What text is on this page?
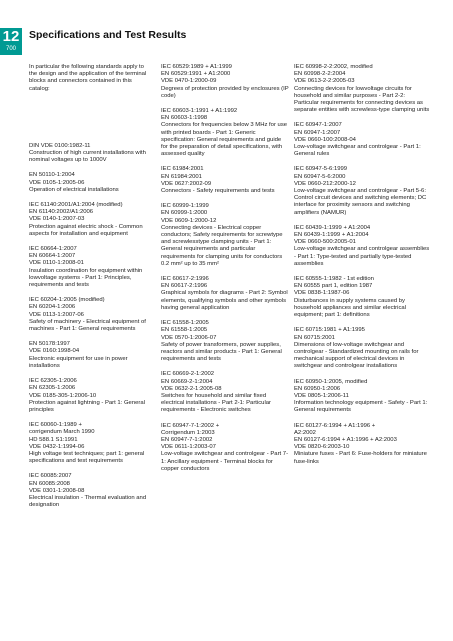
12
700
Specifications and Test Results
In particular the following standards apply to the design and the application of the terminal blocks and connectors contained in this catalog:
DIN VDE 0100:1982-11
Construction of high current installations with nominal voltages up to 1000V
EN 50110-1:2004
VDE 0105-1:2005-06
Operation of electrical installations
IEC 61140:2001/A1:2004 (modified)
EN 61140:2002/A1:2006
VDE 0140-1:2007-03
Protection against electric shock - Common aspects for installation and equipment
IEC 60664-1:2007
EN 60664-1:2007
VDE 0110-1:2008-01
Insulation coordination for equipment within lowvoltage systems - Part 1: Principles, requirements and tests
IEC 60204-1:2005 (modified)
EN 60204-1:2006
VDE 0113-1:2007-06
Safety of machinery - Electrical equipment of machines - Part 1: General requirements
EN 50178:1997
VDE 0160:1998-04
Electronic equipment for use in power installations
IEC 62305-1:2006
EN 62305-1:2006
VDE 0185-305-1:2006-10
Protection against lightning - Part 1: General principles
IEC 60060-1:1989 +
corrigendum March 1990
HD 588.1 S1:1991
VDE 0432-1:1994-06
High voltage test techniques; part 1: general specifications and test requirements
IEC 60085:2007
EN 60085:2008
VDE 0301-1:2008-08
Electrical insulation - Thermal evaluation and designation
IEC 60529:1989 + A1:1999
EN 60529:1991 + A1:2000
VDE 0470-1:2000-09
Degrees of protection provided by enclosures (IP code)
IEC 60603-1:1991 + A1:1992
EN 60603-1:1998
Connectors for frequencies below 3 MHz for use with printed boards - Part 1: Generic specification: General requirements and guide for the preparation of detail specifications, with assessed quality
IEC 61984:2001
EN 61984:2001
VDE 0627:2002-09
Connectors - Safety requirements and tests
IEC 60999-1:1999
EN 60999-1:2000
VDE 0609-1:2000-12
Connecting devices - Electrical copper conductors; Safety requirements for screwtype and screwlesstype clamping units - Part 1: General requirements and particular requirements for clamping units for conductors 0.2 mm² up to 35 mm²
IEC 60617-2:1996
EN 60617-2:1996
Graphical symbols for diagrams - Part 2: Symbol elements, qualifying symbols and other symbols having general application
IEC 61558-1:2005
EN 61558-1:2005
VDE 0570-1:2006-07
Safety of power transformers, power supplies, reactors and similar products - Part 1: General requirements and tests
IEC 60669-2-1:2002
EN 60669-2-1:2004
VDE 0632-2-1:2005-08
Switches for household and similar fixed electrical installations - Part 2-1: Particular requirements - Electronic switches
IEC 60947-7-1:2002 +
Corrigendum 1:2003
EN 60947-7-1:2002
VDE 0611-1:2003-07
Low-voltage switchgear and controlgear - Part 7-1: Ancillary equipment - Terminal blocks for copper conductors
IEC 60998-2-2:2002, modified
EN 60998-2-2:2004
VDE 0613-2-2:2005-03
Connecting devices for lowvoltage circuits for household and similar purposes - Part 2-2: Particular requirements for connecting devices as separate entities with screwless-type clamping units
IEC 60947-1:2007
EN 60947-1:2007
VDE 0660-100:2008-04
Low-voltage switchgear and controlgear - Part 1: General rules
IEC 60947-5-6:1999
EN 60947-5-6:2000
VDE 0660-212:2000-12
Low-voltage switchgear and controlgear - Part 5-6: Control circuit devices and switching elements; DC interface for proximity sensors and switching amplifiers (NAMUR)
IEC 60439-1:1999 + A1:2004
EN 60439-1:1999 + A1:2004
VDE 0660-500:2005-01
Low-voltage switchgear and controlgear assemblies - Part 1: Type-tested and partially type-tested assemblies
IEC 60555-1:1982 - 1st edition
EN 60555 part 1, edition 1987
VDE 0838-1:1987-06
Disturbances in supply systems caused by household appliances and similar electrical equipment; part 1: definitions
IEC 60715:1981 + A1:1995
EN 60715:2001
Dimensions of low-voltage switchgear and controlgear - Standardized mounting on rails for mechanical support of electrical devices in switchgear and controlgear installations
IEC 60950-1:2005, modified
EN 60950-1:2006
VDE 0805-1:2006-11
Information technology equipment - Safety - Part 1: General requirements
IEC 60127-6:1994 + A1:1996 +
A2:2002
EN 60127-6:1994 + A1:1996 + A2:2003
VDE 0820-6:2003-10
Miniature fuses - Part 6: Fuse-holders for miniature fuse-links
